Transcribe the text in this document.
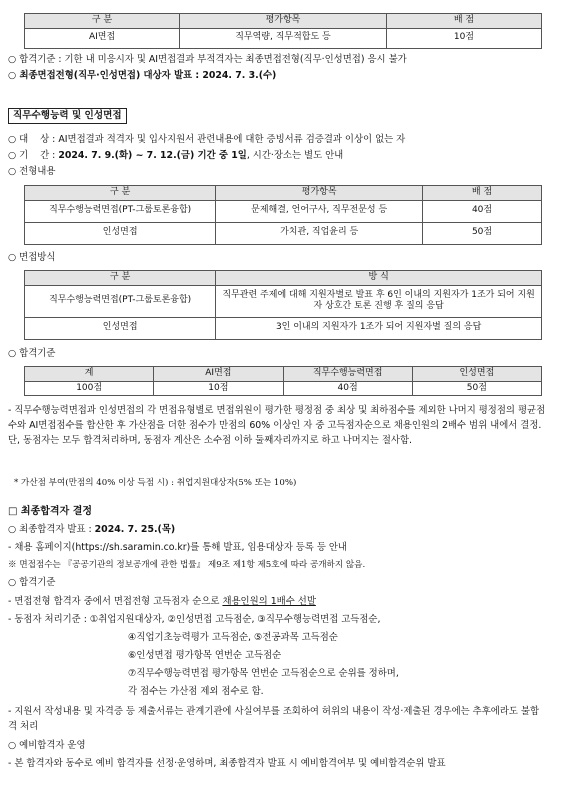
구 분	평가항목	배 점
AI면접	직무역량, 직무적합도 등	10점
○ 합격기준 : 기한 내 미응시자 및 AI면접결과 부적격자는 최종면접전형(직무·인성면접) 응시 불가
○ 최종면접전형(직무·인성면접) 대상자 발표 : 2024. 7. 3.(수)
직무수행능력 및 인성면접
○ 대    상 : AI면접결과 적격자 및 입사지원서 관련내용에 대한 증빙서류 검증결과 이상이 없는 자
○ 기    간 : 2024. 7. 9.(화) ~ 7. 12.(금) 기간 중 1일, 시간·장소는 별도 안내
○ 전형내용
구 분	평가항목	배 점
직무수행능력면접(PT-그룹토론융합)	문제해결, 언어구사, 직무전문성 등	40점
인성면접	가치관, 직업윤리 등	50점
○ 면접방식
구 분	방 식
직무수행능력면접(PT-그룹토론융합)	직무관련 주제에 대해 지원자별로 발표 후 6인 이내의 지원자가 1조가 되어 지원자 상호간 토론 진행 후 질의 응답
인성면접	3인 이내의 지원자가 1조가 되어 지원자별 질의 응답
○ 합격기준
계	AI면접	직무수행능력면접	인성면접
100점	10점	40점	50점
- 직무수행능력면접과 인성면접의 각 면접유형별로 면접위원이 평가한 평정점 중 최상 및 최하점수를 제외한 나머지 평정점의 평균점수와 AI면접점수를 합산한 후 가산점을 더한 점수가 만점의 60% 이상인 자 중 고득점자순으로 채용인원의 2배수 범위 내에서 결정. 단, 동점자는 모두 합격처리하며, 동점자 계산은 소수점 이하 둘째자리까지로 하고 나머지는 절사함.
* 가산점 부여(만점의 40% 이상 득점 시) : 취업지원대상자(5% 또는 10%)
□ 최종합격자 결정
○ 최종합격자 발표 : 2024. 7. 25.(목)
- 채용 홈페이지(https://sh.saramin.co.kr)를 통해 발표, 임용대상자 등록 등 안내
※ 면접점수는 『공공기관의 정보공개에 관한 법률』 제9조 제1항 제5호에 따라 공개하지 않음.
○ 합격기준
- 면접전형 합격자 중에서 면접전형 고득점자 순으로 채용인원의 1배수 선발
- 동점자 처리기준 : ①취업지원대상자, ②인성면접 고득점순, ③직무수행능력면접 고득점순,
④직업기초능력평가 고득점순, ⑤전공과목 고득점순
⑥인성면접 평가항목 연번순 고득점순
⑦직무수행능력면접 평가항목 연번순 고득점순으로 순위를 정하며,
각 점수는 가산점 제외 점수로 함.
- 지원서 작성내용 및 자격증 등 제출서류는 관계기관에 사실여부를 조회하여 허위의 내용이 작성·제출된 경우에는 추후에라도 불합격 처리
○ 예비합격자 운영
- 본 합격자와 동수로 예비 합격자를 선정·운영하며, 최종합격자 발표 시 예비합격여부 및 예비합격순위 발표
